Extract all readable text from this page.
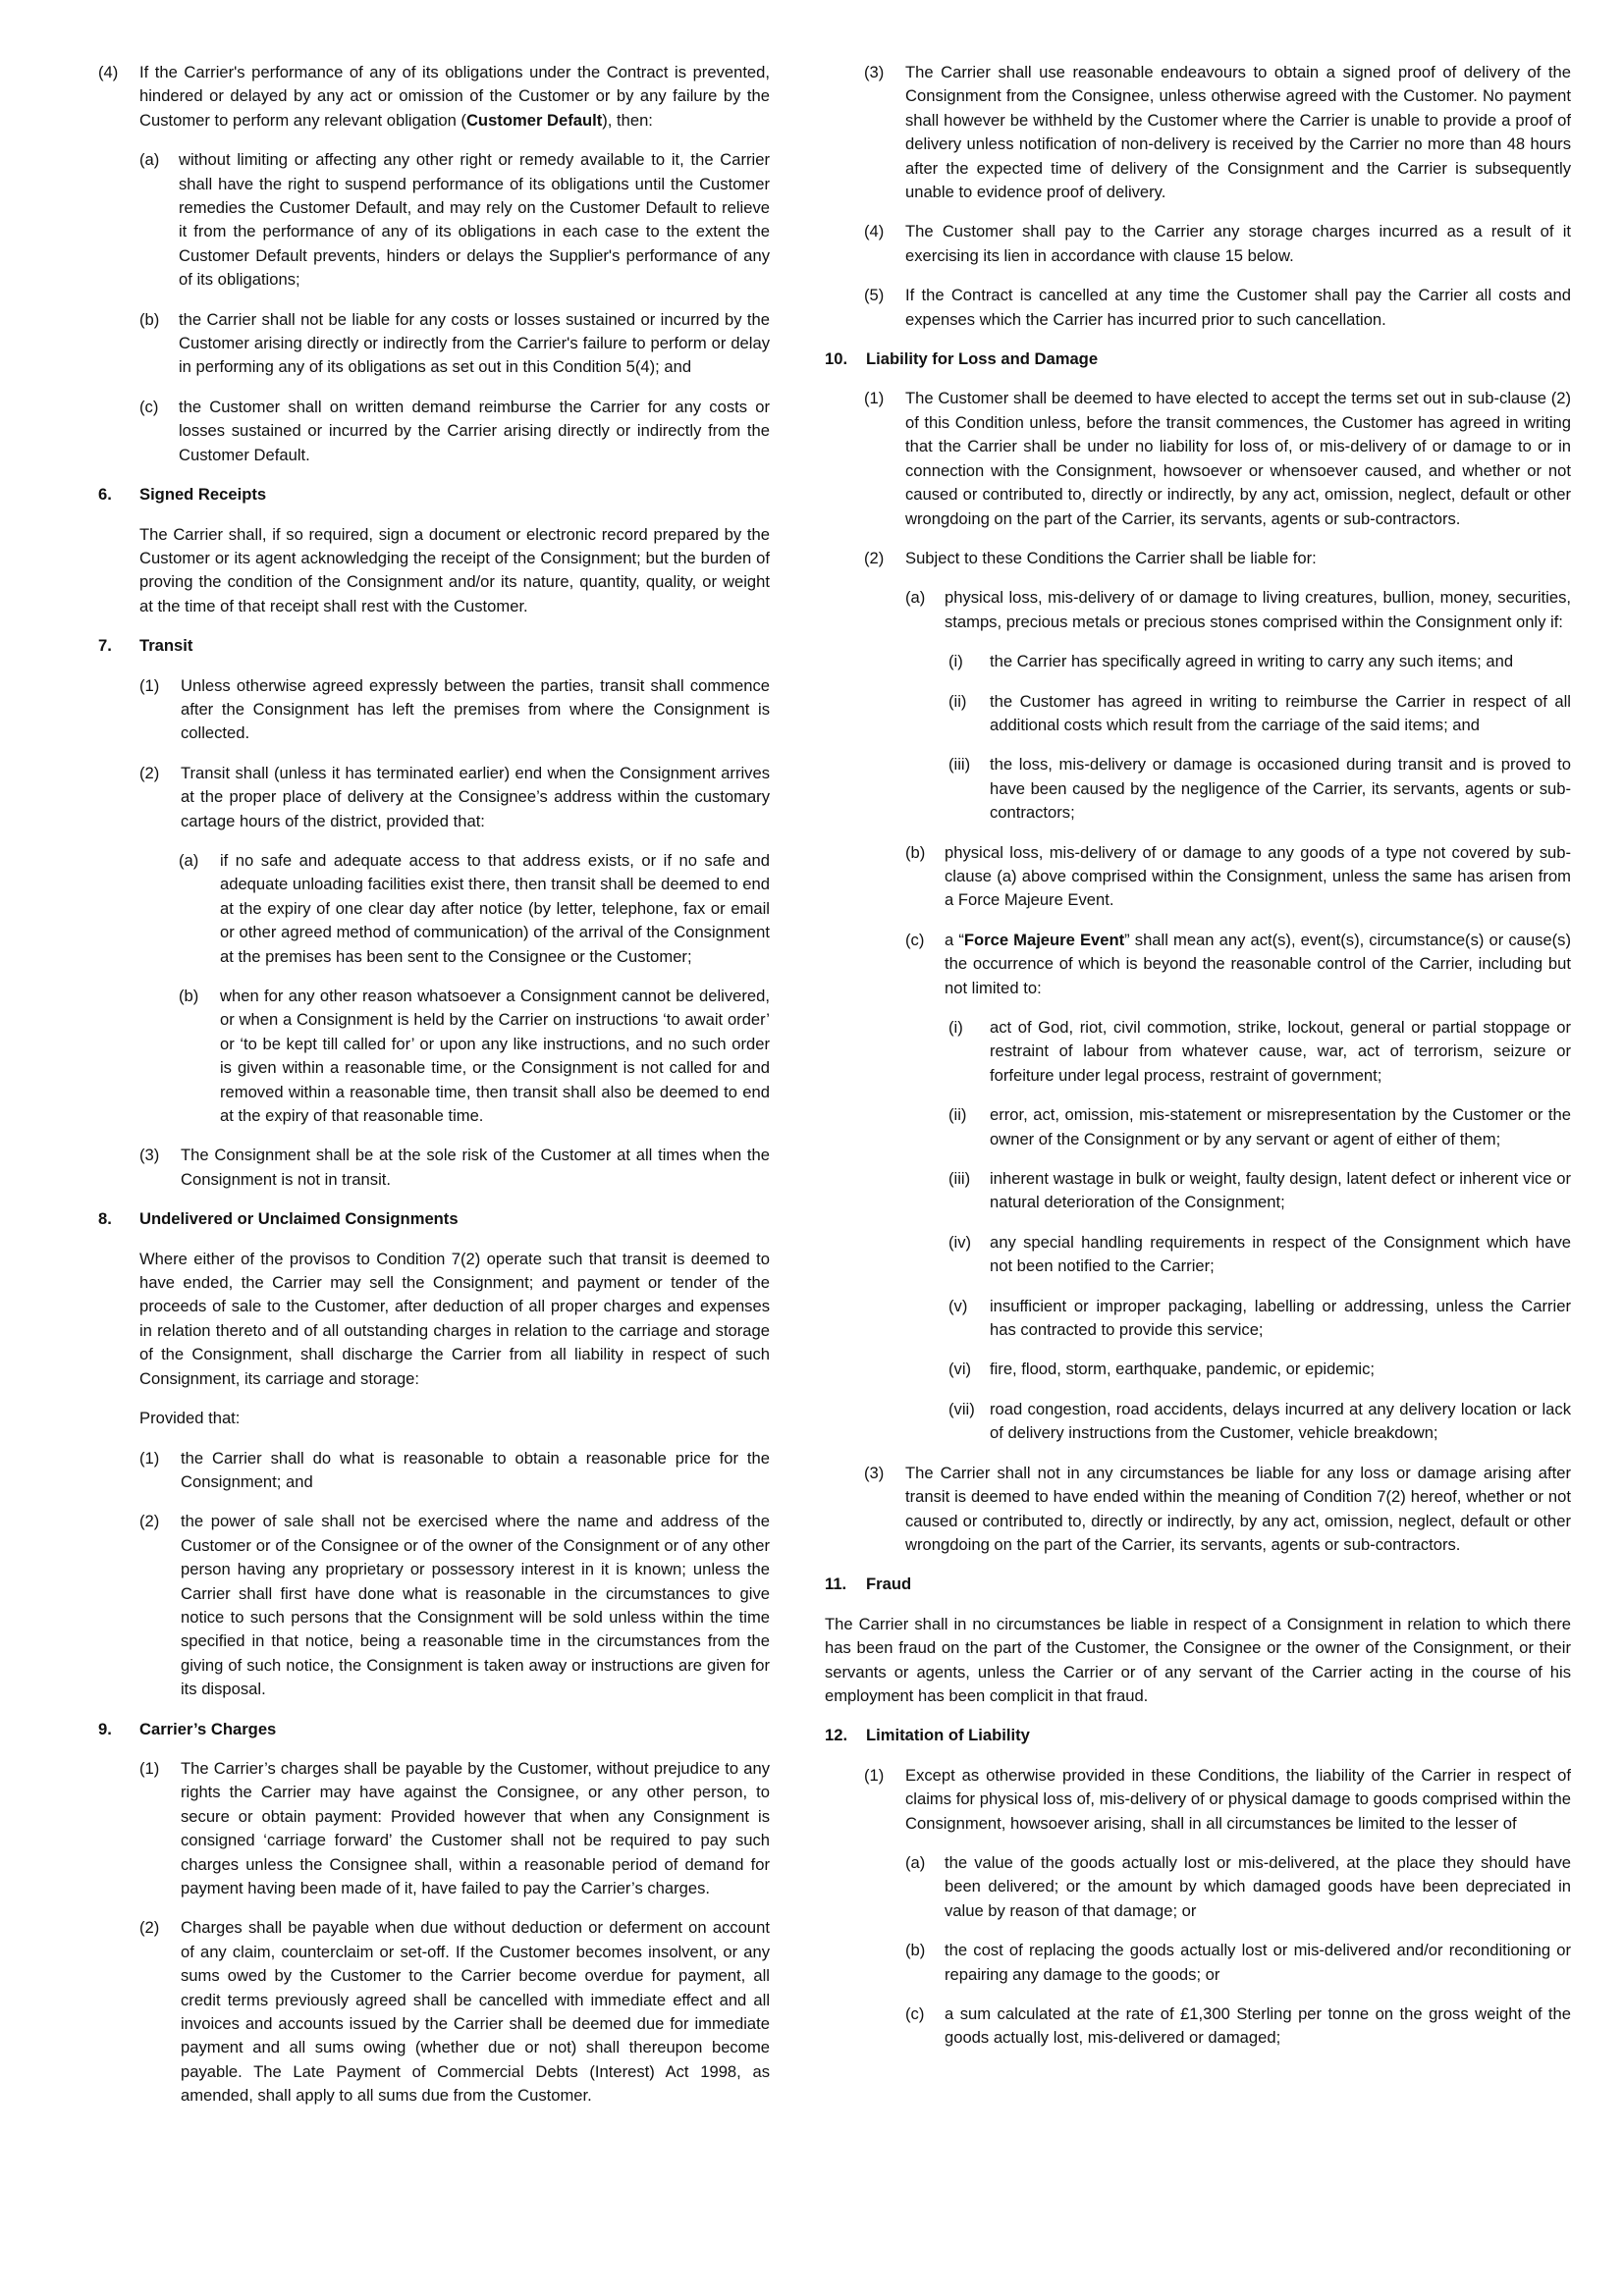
(4)	If the Carrier's performance of any of its obligations under the Contract is prevented, hindered or delayed by any act or omission of the Customer or by any failure by the Customer to perform any relevant obligation (Customer Default), then:

(a)	without limiting or affecting any other right or remedy available to it, the Carrier shall have the right to suspend performance of its obligations until the Customer remedies the Customer Default, and may rely on the Customer Default to relieve it from the performance of any of its obligations in each case to the extent the Customer Default prevents, hinders or delays the Supplier's performance of any of its obligations;

(b)	the Carrier shall not be liable for any costs or losses sustained or incurred by the Customer arising directly or indirectly from the Carrier's failure to perform or delay in performing any of its obligations as set out in this Condition 5(4); and

(c)	the Customer shall on written demand reimburse the Carrier for any costs or losses sustained or incurred by the Carrier arising directly or indirectly from the Customer Default.

6.	Signed Receipts

The Carrier shall, if so required, sign a document or electronic record prepared by the Customer or its agent acknowledging the receipt of the Consignment; but the burden of proving the condition of the Consignment and/or its nature, quantity, quality, or weight at the time of that receipt shall rest with the Customer.

7.	Transit
(1)	Unless otherwise agreed expressly between the parties, transit shall commence after the Consignment has left the premises from where the Consignment is collected.

(2)	Transit shall (unless it has terminated earlier) end when the Consignment arrives at the proper place of delivery at the Consignee’s address within the customary cartage hours of the district, provided that:

(a)	if no safe and adequate access to that address exists, or if no safe and adequate unloading facilities exist there, then transit shall be deemed to end at the expiry of one clear day after notice (by letter, telephone, fax or email or other agreed method of communication) of the arrival of the Consignment at the premises has been sent to the Consignee or the Customer;

(b)	when for any other reason whatsoever a Consignment cannot be delivered, or when a Consignment is held by the Carrier on instructions ‘to await order’ or ‘to be kept till called for’ or upon any like instructions, and no such order is given within a reasonable time, or the Consignment is not called for and removed within a reasonable time, then transit shall also be deemed to end at the expiry of that reasonable time.

(3)	The Consignment shall be at the sole risk of the Customer at all times when the Consignment is not in transit.

8.	Undelivered or Unclaimed Consignments

Where either of the provisos to Condition 7(2) operate such that transit is deemed to have ended, the Carrier may sell the Consignment; and payment or tender of the proceeds of sale to the Customer, after deduction of all proper charges and expenses in relation thereto and of all outstanding charges in relation to the carriage and storage of the Consignment, shall discharge the Carrier from all liability in respect of such Consignment, its carriage and storage:

Provided that:

(1)	the Carrier shall do what is reasonable to obtain a reasonable price for the Consignment; and

(2)	the power of sale shall not be exercised where the name and address of the Customer or of the Consignee or of the owner of the Consignment or of any other person having any proprietary or possessory interest in it is known; unless the Carrier shall first have done what is reasonable in the circumstances to give notice to such persons that the Consignment will be sold unless within the time specified in that notice, being a reasonable time in the circumstances from the giving of such notice, the Consignment is taken away or instructions are given for its disposal.

9.	Carrier’s Charges
(1)	The Carrier’s charges shall be payable by the Customer, without prejudice to any rights the Carrier may have against the Consignee, or any other person, to secure or obtain payment: Provided however that when any Consignment is consigned ‘carriage forward’ the Customer shall not be required to pay such charges unless the Consignee shall, within a reasonable period of demand for payment having been made of it, have failed to pay the Carrier’s charges.

(2)	Charges shall be payable when due without deduction or deferment on account of any claim, counterclaim or set-off. If the Customer becomes insolvent, or any sums owed by the Customer to the Carrier become overdue for payment, all credit terms previously agreed shall be cancelled with immediate effect and all invoices and accounts issued by the Carrier shall be deemed due for immediate payment and all sums owing (whether due or not) shall thereupon become payable. The Late Payment of Commercial Debts (Interest) Act 1998, as amended, shall apply to all sums due from the Customer.

(3)	The Carrier shall use reasonable endeavours to obtain a signed proof of delivery of the Consignment from the Consignee, unless otherwise agreed with the Customer. No payment shall however be withheld by the Customer where the Carrier is unable to provide a proof of delivery unless notification of non-delivery is received by the Carrier no more than 48 hours after the expected time of delivery of the Consignment and the Carrier is subsequently unable to evidence proof of delivery.

(4)	The Customer shall pay to the Carrier any storage charges incurred as a result of it exercising its lien in accordance with clause 15 below.

(5)	If the Contract is cancelled at any time the Customer shall pay the Carrier all costs and expenses which the Carrier has incurred prior to such cancellation.

10.	Liability for Loss and Damage
(1)	The Customer shall be deemed to have elected to accept the terms set out in sub-clause (2) of this Condition unless, before the transit commences, the Customer has agreed in writing that the Carrier shall be under no liability for loss of, or mis-delivery of or damage to or in connection with the Consignment, howsoever or whensoever caused, and whether or not caused or contributed to, directly or indirectly, by any act, omission, neglect, default or other wrongdoing on the part of the Carrier, its servants, agents or sub-contractors.

(2)	Subject to these Conditions the Carrier shall be liable for:

(a)	physical loss, mis-delivery of or damage to living creatures, bullion, money, securities, stamps, precious metals or precious stones comprised within the Consignment only if:

(i)	the Carrier has specifically agreed in writing to carry any such items; and

(ii)	the Customer has agreed in writing to reimburse the Carrier in respect of all additional costs which result from the carriage of the said items; and

(iii)	the loss, mis-delivery or damage is occasioned during transit and is proved to have been caused by the negligence of the Carrier, its servants, agents or sub-contractors;

(b)	physical loss, mis-delivery of or damage to any goods of a type not covered by sub-clause (a) above comprised within the Consignment, unless the same has arisen from a Force Majeure Event.

(c)	a “Force Majeure Event” shall mean any act(s), event(s), circumstance(s) or cause(s) the occurrence of which is beyond the reasonable control of the Carrier, including but not limited to:

(i)	act of God, riot, civil commotion, strike, lockout, general or partial stoppage or restraint of labour from whatever cause, war, act of terrorism, seizure or forfeiture under legal process, restraint of government;

(ii)	error, act, omission, mis-statement or misrepresentation by the Customer or the owner of the Consignment or by any servant or agent of either of them;

(iii)	inherent wastage in bulk or weight, faulty design, latent defect or inherent vice or natural deterioration of the Consignment;

(iv)	any special handling requirements in respect of the Consignment which have not been notified to the Carrier;

(v)	insufficient or improper packaging, labelling or addressing, unless the Carrier has contracted to provide this service;

(vi)	fire, flood, storm, earthquake, pandemic, or epidemic;

(vii) road congestion, road accidents, delays incurred at any delivery location or lack of delivery instructions from the Customer, vehicle breakdown;

(3)	The Carrier shall not in any circumstances be liable for any loss or damage arising after transit is deemed to have ended within the meaning of Condition 7(2) hereof, whether or not caused or contributed to, directly or indirectly, by any act, omission, neglect, default or other wrongdoing on the part of the Carrier, its servants, agents or sub-contractors.

11.	Fraud

The Carrier shall in no circumstances be liable in respect of a Consignment in relation to which there has been fraud on the part of the Customer, the Consignee or the owner of the Consignment, or their servants or agents, unless the Carrier or of any servant of the Carrier acting in the course of his employment has been complicit in that fraud.

12.	Limitation of Liability
(1)	Except as otherwise provided in these Conditions, the liability of the Carrier in respect of claims for physical loss of, mis-delivery of or physical damage to goods comprised within the Consignment, howsoever arising, shall in all circumstances be limited to the lesser of

(a)	the value of the goods actually lost or mis-delivered, at the place they should have been delivered; or the amount by which damaged goods have been depreciated in value by reason of that damage; or

(b)	the cost of replacing the goods actually lost or mis-delivered and/or reconditioning or repairing any damage to the goods; or

(c)	a sum calculated at the rate of £1,300 Sterling per tonne on the gross weight of the goods actually lost, mis-delivered or damaged;
